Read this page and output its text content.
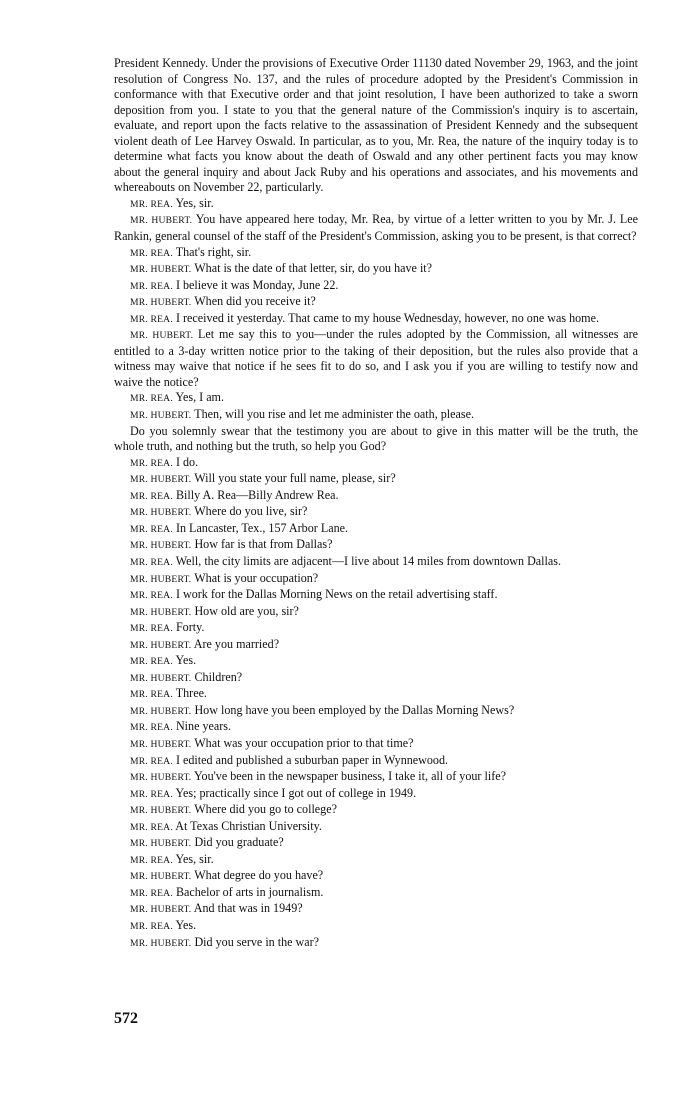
President Kennedy. Under the provisions of Executive Order 11130 dated November 29, 1963, and the joint resolution of Congress No. 137, and the rules of procedure adopted by the President's Commission in conformance with that Executive order and that joint resolution, I have been authorized to take a sworn deposition from you. I state to you that the general nature of the Commission's inquiry is to ascertain, evaluate, and report upon the facts relative to the assassination of President Kennedy and the subsequent violent death of Lee Harvey Oswald. In particular, as to you, Mr. Rea, the nature of the inquiry today is to determine what facts you know about the death of Oswald and any other pertinent facts you may know about the general inquiry and about Jack Ruby and his operations and associates, and his movements and whereabouts on November 22, particularly.

MR. REA. Yes, sir.

MR. HUBERT. You have appeared here today, Mr. Rea, by virtue of a letter written to you by Mr. J. Lee Rankin, general counsel of the staff of the President's Commission, asking you to be present, is that correct?

MR. REA. That's right, sir.

MR. HUBERT. What is the date of that letter, sir, do you have it?

MR. REA. I believe it was Monday, June 22.

MR. HUBERT. When did you receive it?

MR. REA. I received it yesterday. That came to my house Wednesday, however, no one was home.

MR. HUBERT. Let me say this to you—under the rules adopted by the Commission, all witnesses are entitled to a 3-day written notice prior to the taking of their deposition, but the rules also provide that a witness may waive that notice if he sees fit to do so, and I ask you if you are willing to testify now and waive the notice?

MR. REA. Yes, I am.

MR. HUBERT. Then, will you rise and let me administer the oath, please.

Do you solemnly swear that the testimony you are about to give in this matter will be the truth, the whole truth, and nothing but the truth, so help you God?

MR. REA. I do.

MR. HUBERT. Will you state your full name, please, sir?

MR. REA. Billy A. Rea—Billy Andrew Rea.

MR. HUBERT. Where do you live, sir?

MR. REA. In Lancaster, Tex., 157 Arbor Lane.

MR. HUBERT. How far is that from Dallas?

MR. REA. Well, the city limits are adjacent—I live about 14 miles from downtown Dallas.

MR. HUBERT. What is your occupation?

MR. REA. I work for the Dallas Morning News on the retail advertising staff.

MR. HUBERT. How old are you, sir?

MR. REA. Forty.

MR. HUBERT. Are you married?

MR. REA. Yes.

MR. HUBERT. Children?

MR. REA. Three.

MR. HUBERT. How long have you been employed by the Dallas Morning News?

MR. REA. Nine years.

MR. HUBERT. What was your occupation prior to that time?

MR. REA. I edited and published a suburban paper in Wynnewood.

MR. HUBERT. You've been in the newspaper business, I take it, all of your life?

MR. REA. Yes; practically since I got out of college in 1949.

MR. HUBERT. Where did you go to college?

MR. REA. At Texas Christian University.

MR. HUBERT. Did you graduate?

MR. REA. Yes, sir.

MR. HUBERT. What degree do you have?

MR. REA. Bachelor of arts in journalism.

MR. HUBERT. And that was in 1949?

MR. REA. Yes.

MR. HUBERT. Did you serve in the war?

572
